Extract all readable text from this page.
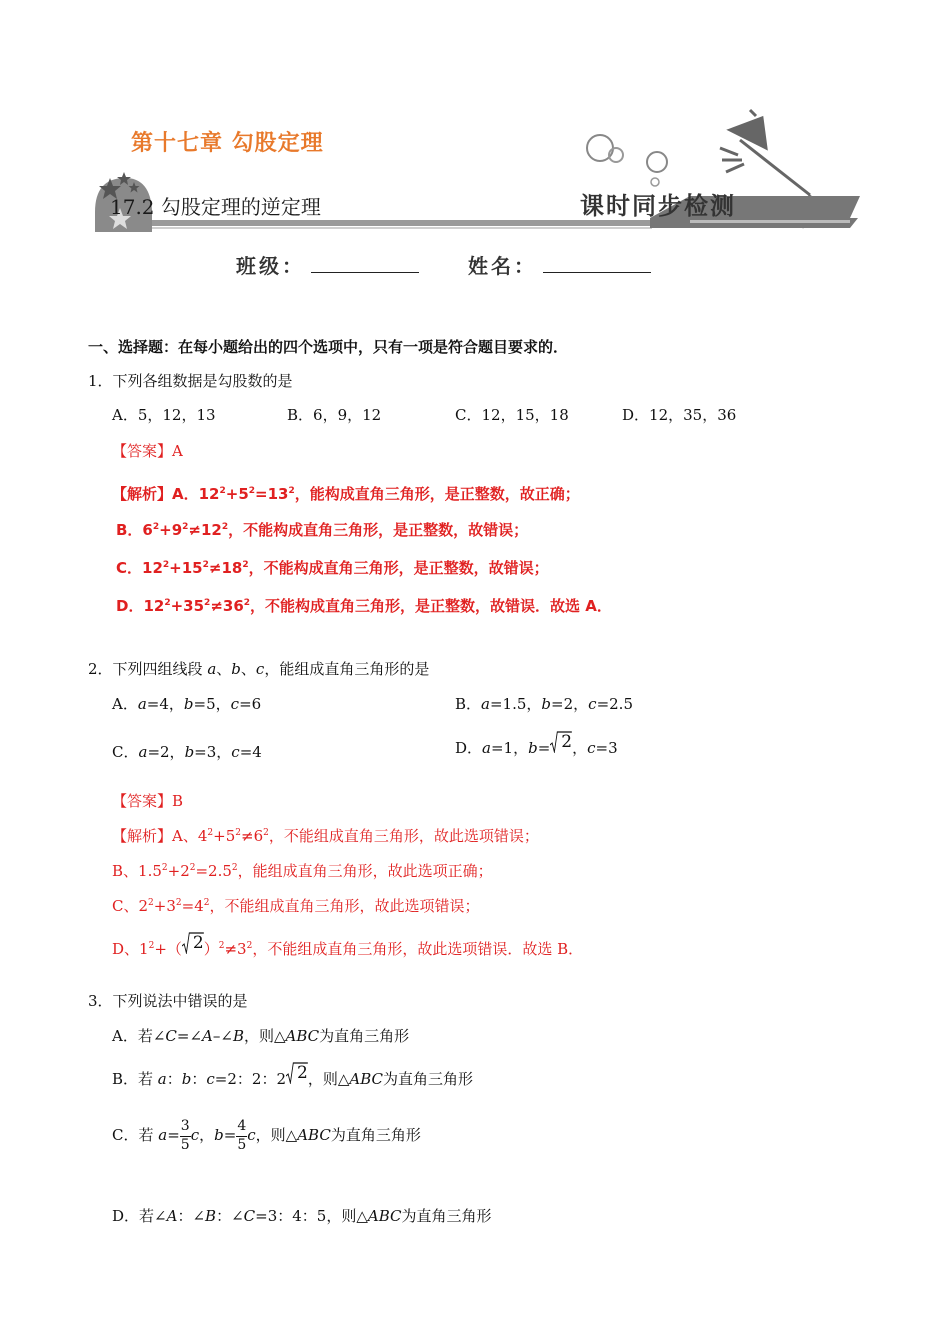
第十七章 勾股定理
17.2 勾股定理的逆定理	课时同步检测
班级：	姓名：
一、选择题：在每小题给出的四个选项中，只有一项是符合题目要求的．
1．下列各组数据是勾股数的是
A．5，12，13	B．6，9，12	C．12，15，18	D．12，35，36
【答案】A
【解析】A．$12^2+5^2=13^2$，能构成直角三角形，是正整数，故正确；
B．$6^2+9^2\ne 12^2$，不能构成直角三角形，是正整数，故错误；
C．$12^2+15^2\ne 18^2$，不能构成直角三角形，是正整数，故错误；
D．$12^2+35^2\ne 36^2$，不能构成直角三角形，是正整数，故错误．故选 A．
2．下列四组线段 a、b、c，能组成直角三角形的是
A．a=4，b=5，c=6	B．a=1.5，b=2，c=2.5
C．a=2，b=3，c=4	D．a=1，b= 2，c=3
【答案】B
【解析】A、$4^2+5^2\ne 6^2$，不能组成直角三角形，故此选项错误；
B、$1.5^2+2^2=2.5^2$，能组成直角三角形，故此选项正确；
C、$2^2+3^2=4^2$，不能组成直角三角形，故此选项错误；
D、$1^2+$（ $2)^2\ne 3^2$，不能组成直角三角形，故此选项错误．故选 B．
3．下列说法中错误的是
A．若∠C=∠A–∠B，则△ABC为直角三角形
B．若 a：b：c=2：2：2 2，则△ABC为直角三角形
C．若 $a= \frac{3}{5}$ c，$b= \frac{4}{5}$ c，则△ABC为直角三角形
D．若∠A：∠B：∠C=3：4：5，则△ABC为直角三角形
